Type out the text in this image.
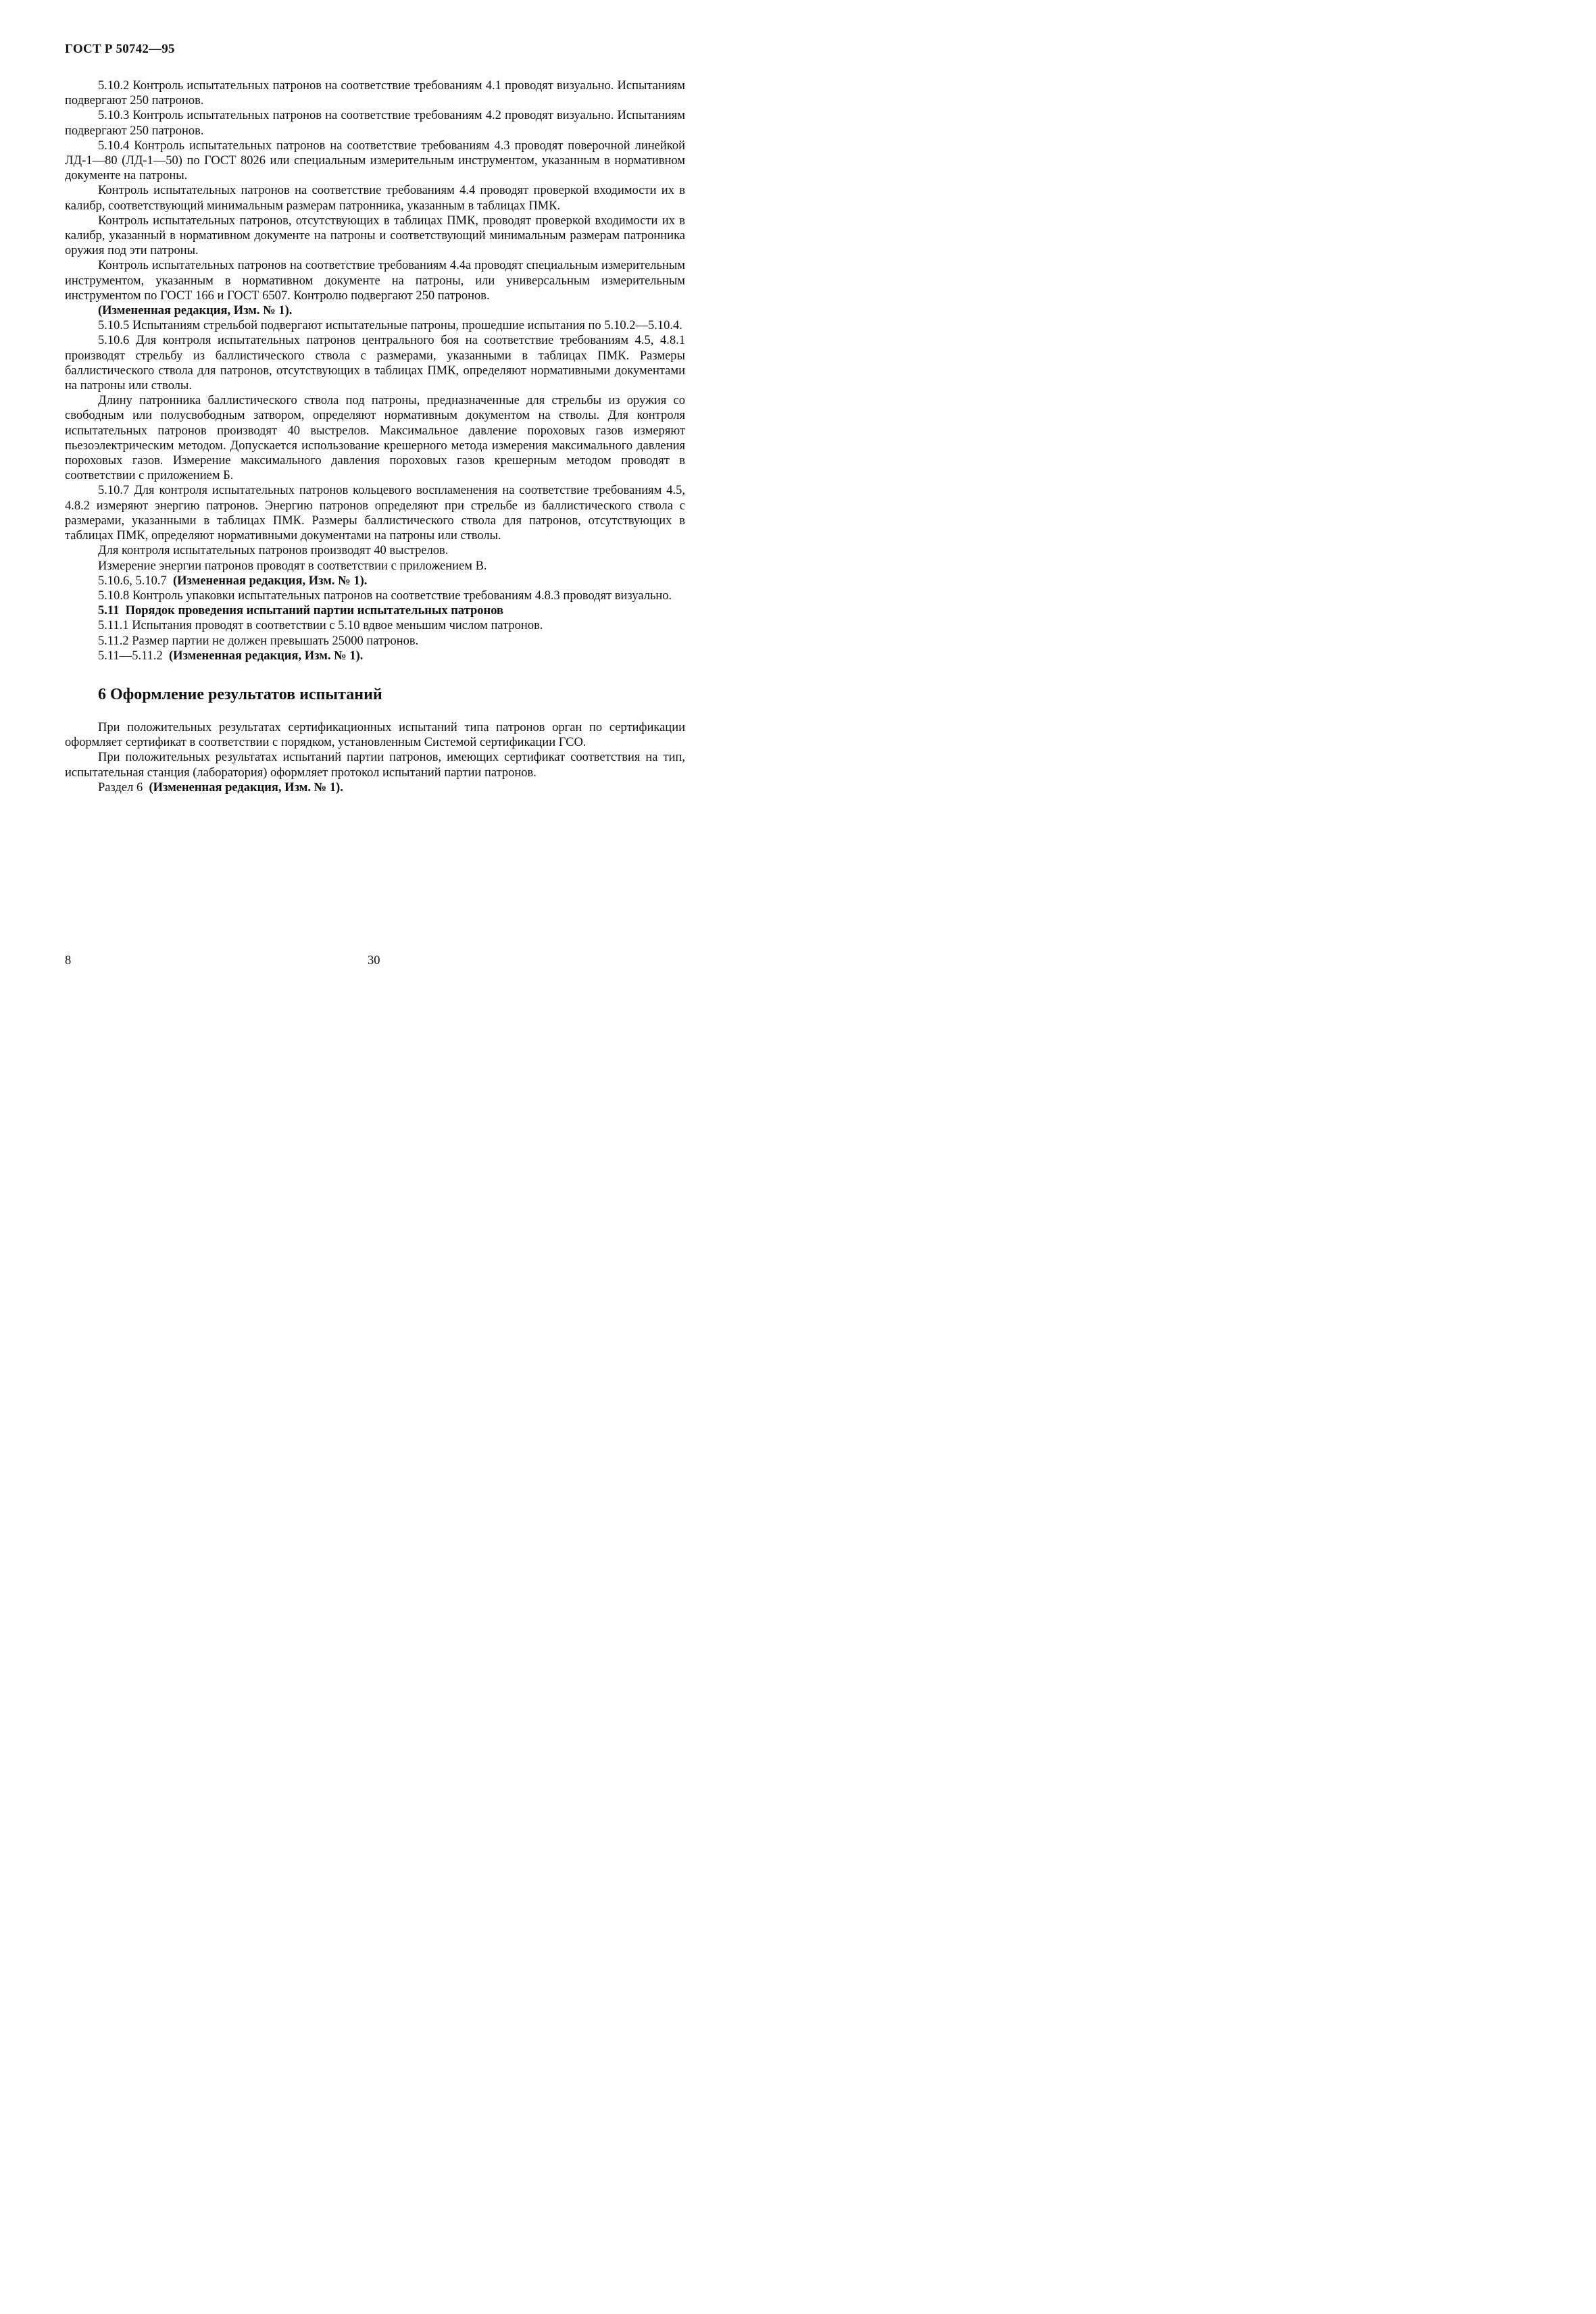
ГОСТ Р 50742—95

5.10.2 Контроль испытательных патронов на соответствие требованиям 4.1 проводят визуально. Испытаниям подвергают 250 патронов.

5.10.3 Контроль испытательных патронов на соответствие требованиям 4.2 проводят визуально. Испытаниям подвергают 250 патронов.

5.10.4 Контроль испытательных патронов на соответствие требованиям 4.3 проводят поверочной линейкой ЛД-1—80 (ЛД-1—50) по ГОСТ 8026 или специальным измерительным инструментом, указанным в нормативном документе на патроны.

Контроль испытательных патронов на соответствие требованиям 4.4 проводят проверкой входимости их в калибр, соответствующий минимальным размерам патронника, указанным в таблицах ПМК.

Контроль испытательных патронов, отсутствующих в таблицах ПМК, проводят проверкой входимости их в калибр, указанный в нормативном документе на патроны и соответствующий минимальным размерам патронника оружия под эти патроны.

Контроль испытательных патронов на соответствие требованиям 4.4а проводят специальным измерительным инструментом, указанным в нормативном документе на патроны, или универсальным измерительным инструментом по ГОСТ 166 и ГОСТ 6507. Контролю подвергают 250 патронов.

(Измененная редакция, Изм. № 1).

5.10.5 Испытаниям стрельбой подвергают испытательные патроны, прошедшие испытания по 5.10.2—5.10.4.

5.10.6 Для контроля испытательных патронов центрального боя на соответствие требованиям 4.5, 4.8.1 производят стрельбу из баллистического ствола с размерами, указанными в таблицах ПМК. Размеры баллистического ствола для патронов, отсутствующих в таблицах ПМК, определяют нормативными документами на патроны или стволы.

Длину патронника баллистического ствола под патроны, предназначенные для стрельбы из оружия со свободным или полусвободным затвором, определяют нормативным документом на стволы. Для контроля испытательных патронов производят 40 выстрелов. Максимальное давление пороховых газов измеряют пьезоэлектрическим методом. Допускается использование крешерного метода измерения максимального давления пороховых газов. Измерение максимального давления пороховых газов крешерным методом проводят в соответствии с приложением Б.

5.10.7 Для контроля испытательных патронов кольцевого воспламенения на соответствие требованиям 4.5, 4.8.2 измеряют энергию патронов. Энергию патронов определяют при стрельбе из баллистического ствола с размерами, указанными в таблицах ПМК. Размеры баллистического ствола для патронов, отсутствующих в таблицах ПМК, определяют нормативными документами на патроны или стволы.

Для контроля испытательных патронов производят 40 выстрелов.

Измерение энергии патронов проводят в соответствии с приложением В.

5.10.6, 5.10.7 (Измененная редакция, Изм. № 1).

5.10.8 Контроль упаковки испытательных патронов на соответствие требованиям 4.8.3 проводят визуально.

5.11 Порядок проведения испытаний партии испытательных патронов

5.11.1 Испытания проводят в соответствии с 5.10 вдвое меньшим числом патронов.

5.11.2 Размер партии не должен превышать 25000 патронов.

5.11—5.11.2 (Измененная редакция, Изм. № 1).

6 Оформление результатов испытаний

При положительных результатах сертификационных испытаний типа патронов орган по сертификации оформляет сертификат в соответствии с порядком, установленным Системой сертификации ГСО.

При положительных результатах испытаний партии патронов, имеющих сертификат соответствия на тип, испытательная станция (лаборатория) оформляет протокол испытаний партии патронов.

Раздел 6 (Измененная редакция, Изм. № 1).

8	30
